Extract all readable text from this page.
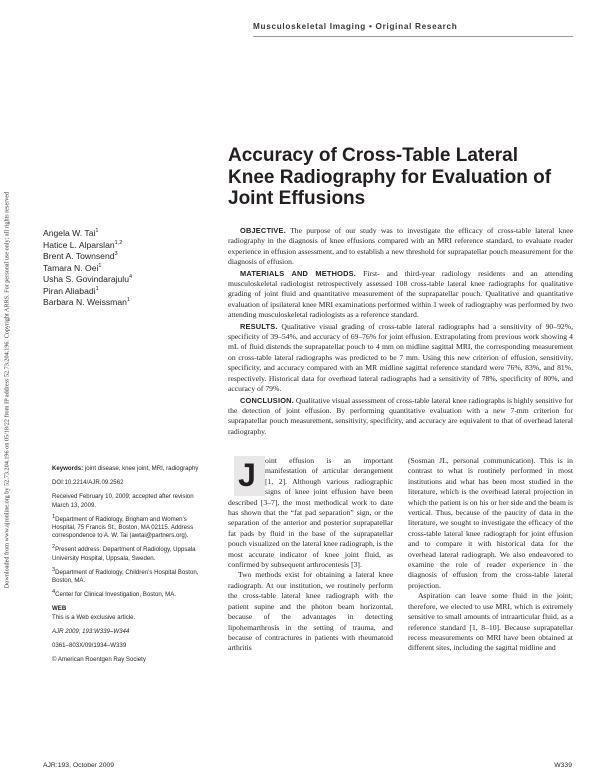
Downloaded from www.ajronline.org by 52.73.204.196 on 05/18/22 from IP address 52.73.204.196. Copyright ARRS. For personal use only; all rights reserved
Musculoskeletal Imaging • Original Research
Accuracy of Cross-Table Lateral Knee Radiography for Evaluation of Joint Effusions
Angela W. Tai$^1$
Hatice L. Alparslan$^{1,2}$
Brent A. Townsend$^3$
Tamara N. Oei$^1$
Usha S. Govindarajulu$^4$
Piran Aliabadi$^1$
Barbara N. Weissman$^1$

OBJECTIVE. The purpose of our study was to investigate the efficacy of cross-table lateral knee radiography in the diagnosis of knee effusions compared with an MRI reference standard, to evaluate reader experience in effusion assessment, and to establish a new threshold for suprapatellar pouch measurement for the diagnosis of effusion.

MATERIALS AND METHODS. First- and third-year radiology residents and an attending musculoskeletal radiologist retrospectively assessed 108 cross-table lateral knee radiographs for qualitative grading of joint fluid and quantitative measurement of the suprapatellar pouch. Qualitative and quantitative evaluation of ipsilateral knee MRI examinations performed within 1 week of radiography was performed by two attending musculoskeletal radiologists as a reference standard.

RESULTS. Qualitative visual grading of cross-table lateral radiographs had a sensitivity of 90–92%, specificity of 39–54%, and accuracy of 69–76% for joint effusion. Extrapolating from previous work showing 4 mL of fluid distends the suprapatellar pouch to 4 mm on midline sagittal MRI, the corresponding measurement on cross-table lateral radiographs was predicted to be 7 mm. Using this new criterion of effusion, sensitivity, specificity, and accuracy compared with an MR midline sagittal reference standard were 76%, 83%, and 81%, respectively. Historical data for overhead lateral radiographs had a sensitivity of 78%, specificity of 80%, and accuracy of 79%.

CONCLUSION. Qualitative visual assessment of cross-table lateral knee radiographs is highly sensitive for the detection of joint effusion. By performing quantitative evaluation with a new 7-mm criterion for suprapatellar pouch measurement, sensitivity, specificity, and accuracy are equivalent to that of overhead lateral radiography.

Keywords: joint disease, knee joint, MRI, radiography

DOI:10.2214/AJR.09.2562

Received February 10, 2009; accepted after revision March 13, 2009.

1Department of Radiology, Brigham and Women’s Hospital, 75 Francis St., Boston, MA 02115. Address correspondence to A. W. Tai (awtai@partners.org).

2Present address: Department of Radiology, Uppsala University Hospital, Uppsala, Sweden.

3Department of Radiology, Children’s Hospital Boston, Boston, MA.

4Center for Clinical Investigation, Boston, MA.

WEB
This is a Web exclusive article.

AJR 2009; 193:W339–W344

0361–803X/09/1934–W339

© American Roentgen Ray Society

J	oint effusion is an important manifestation of articular derangement [1, 2]. Although various radiographic signs of knee joint effusion have been described [3–7], the most methodical work to date has shown that the “fat pad separation” sign, or the separation of the anterior and posterior suprapatellar fat pads by fluid in the base of the suprapatellar pouch visualized on the lateral knee radiograph, is the most accurate indicator of knee joint fluid, as confirmed by subsequent arthrocentesis [3].

Two methods exist for obtaining a lateral knee radiograph. At our institution, we routinely perform the cross-table lateral knee radiograph with the patient supine and the photon beam horizontal, because of the advantages in detecting lipohemarthrosis in the setting of trauma, and because of contractures in patients with rheumatoid arthritis

(Sosman JL, personal communication). This is in contrast to what is routinely performed in most institutions and what has been most studied in the literature, which is the overhead lateral projection in which the patient is on his or her side and the beam is vertical. Thus, because of the paucity of data in the literature, we sought to investigate the efficacy of the cross-table lateral knee radiograph for joint effusion and to compare it with historical data for the overhead lateral radiograph. We also endeavored to examine the role of reader experience in the diagnosis of effusion from the cross-table lateral projection.

Aspiration can leave some fluid in the joint; therefore, we elected to use MRI, which is extremely sensitive to small amounts of intraarticular fluid, as a reference standard [1, 8–10]. Because suprapatellar recess measurements on MRI have been obtained at different sites, including the sagittal midline and

AJR:193, October 2009	W339
